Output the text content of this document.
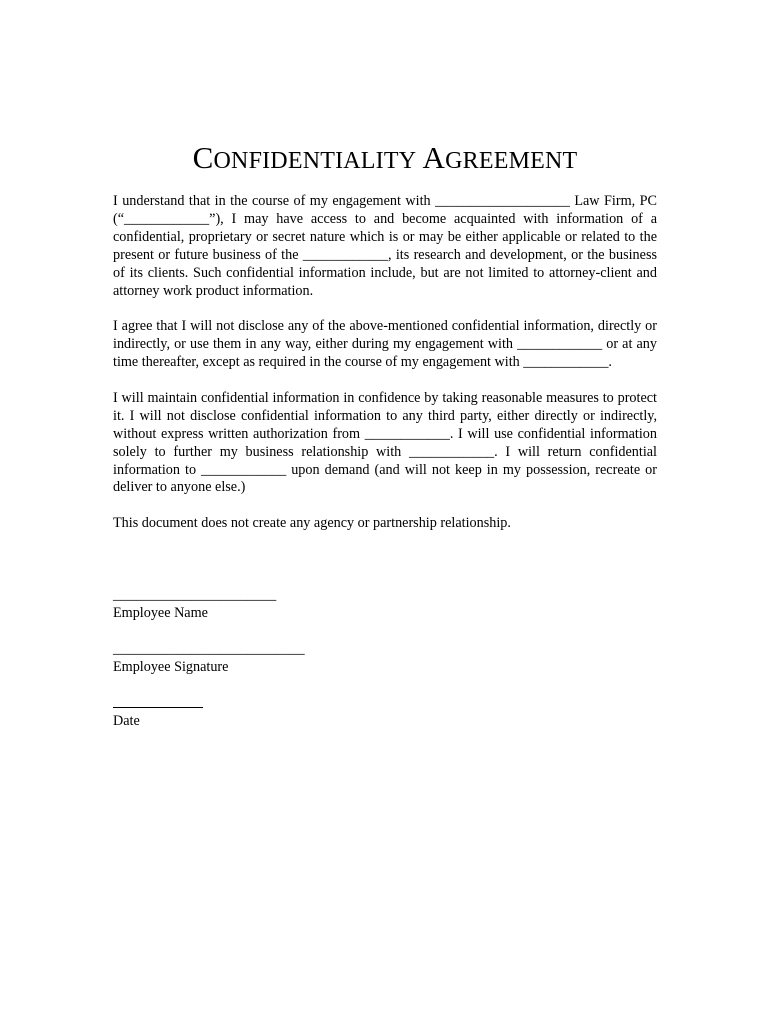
CONFIDENTIALITY AGREEMENT

I understand that in the course of my engagement with ___________________ Law Firm, PC (“____________”), I may have access to and become acquainted with information of a confidential, proprietary or secret nature which is or may be either applicable or related to the present or future business of the ____________, its research and development, or the business of its clients. Such confidential information include, but are not limited to attorney-client and attorney work product information.

I agree that I will not disclose any of the above-mentioned confidential information, directly or indirectly, or use them in any way, either during my engagement with ____________ or at any time thereafter, except as required in the course of my engagement with ____________.

I will maintain confidential information in confidence by taking reasonable measures to protect it. I will not disclose confidential information to any third party, either directly or indirectly, without express written authorization from ____________. I will use confidential information solely to further my business relationship with ____________. I will return confidential information to ____________ upon demand (and will not keep in my possession, recreate or deliver to anyone else.)

This document does not create any agency or partnership relationship.

_______________________
Employee Name
___________________________
Employee Signature
Date
